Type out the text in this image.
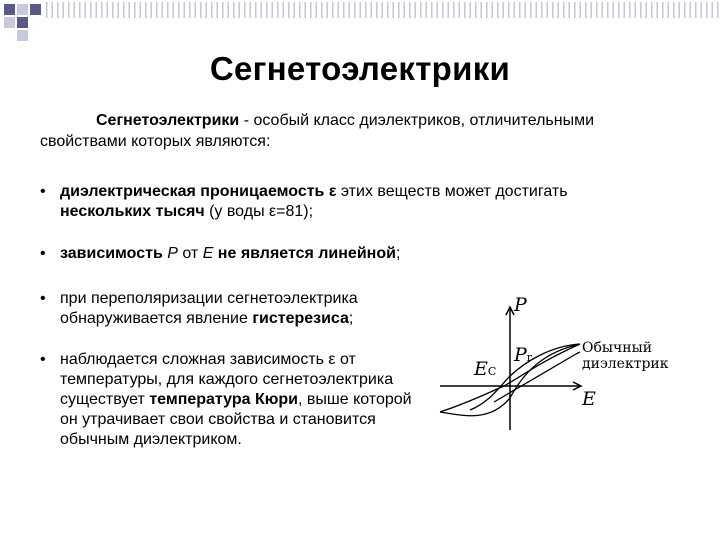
Сегнетоэлектрики
Сегнетоэлектрики - особый класс диэлектриков, отличительными свойствами которых являются:
• диэлектрическая проницаемость ε этих веществ может достигать
нескольких тысяч (у воды ε=81);
• зависимость P от E не является линейной;
• при переполяризации сегнетоэлектрика обнаруживается явление гистерезиса;
• наблюдается сложная зависимость ε от температуры, для каждого сегнетоэлектрика существует температура Кюри, выше которой он утрачивает свои свойства и становится обычным диэлектриком.
P
Pr
EC
E
Обычный диэлектрик
